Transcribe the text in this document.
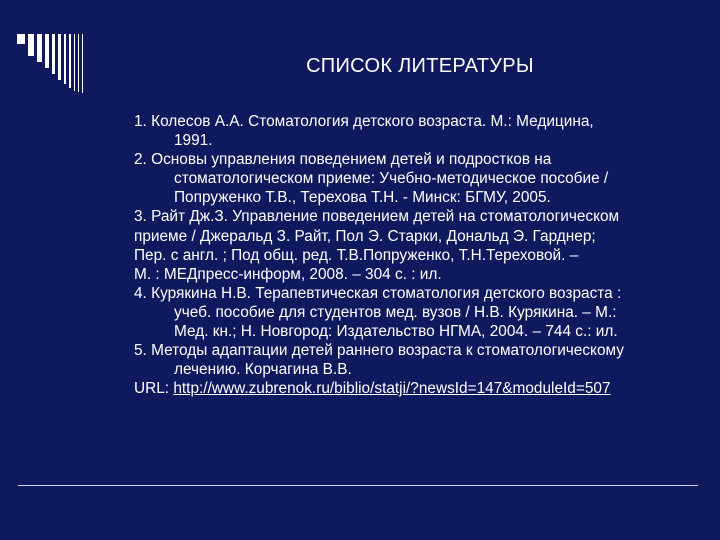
СПИСОК ЛИТЕРАТУРЫ
1. Колесов А.А. Стоматология детского возраста. М.: Медицина,
1991.
2. Основы управления поведением детей и подростков на
стоматологическом приеме: Учебно-методическое пособие /
Попруженко Т.В., Терехова Т.Н. - Минск: БГМУ, 2005.
3. Райт Дж.З. Управление поведением детей на стоматологическом
приеме / Джеральд З. Райт, Пол Э. Старки, Дональд Э. Гарднер;
Пер. с англ. ; Под общ. ред. Т.В.Попруженко, Т.Н.Тереховой. –
М. : МЕДпресс-информ, 2008. – 304 с. : ил.
4. Курякина Н.В. Терапевтическая стоматология детского возраста :
учеб. пособие для студентов мед. вузов / Н.В. Курякина. – М.:
Мед. кн.; Н. Новгород: Издательство НГМА, 2004. – 744 с.: ил.
5. Методы адаптации детей раннего возраста к стоматологическому
лечению. Корчагина В.В.
URL: http://www.zubrenok.ru/biblio/statji/?newsId=147&moduleId=507
